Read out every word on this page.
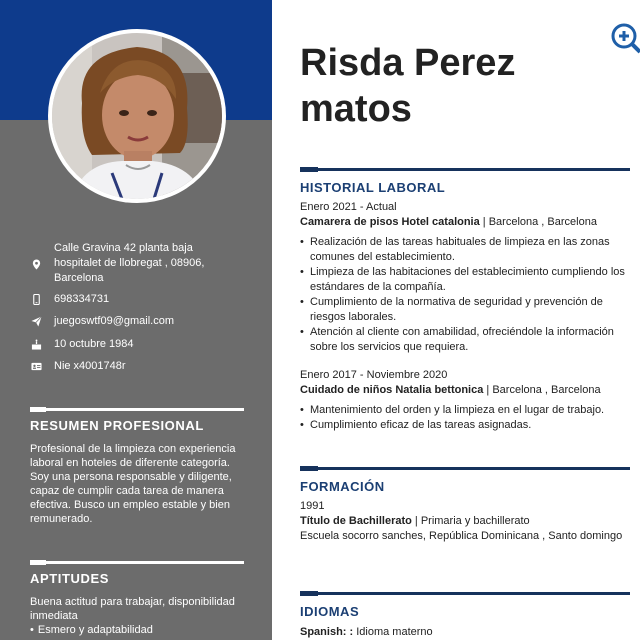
Calle Gravina 42 planta baja
hospitalet de llobregat , 08906,
Barcelona
698334731
juegoswtf09@gmail.com
10 octubre 1984
Nie x4001748r
RESUMEN PROFESIONAL
Profesional de la limpieza con experiencia laboral en hoteles de diferente categoría. Soy una persona responsable y diligente, capaz de cumplir cada tarea de manera efectiva. Busco un empleo estable y bien remunerado.
APTITUDES
Buena actitud para trabajar, disponibilidad inmediata
• Esmero y adaptabilidad
Risda Perez
matos
HISTORIAL LABORAL
Enero 2021 - Actual
Camarera de pisos Hotel catalonia | Barcelona , Barcelona
• Realización de las tareas habituales de limpieza en las zonas comunes del establecimiento.
• Limpieza de las habitaciones del establecimiento cumpliendo los estándares de la compañía.
• Cumplimiento de la normativa de seguridad y prevención de riesgos laborales.
• Atención al cliente con amabilidad, ofreciéndole la información sobre los servicios que requiera.
Enero 2017 - Noviembre 2020
Cuidado de niños Natalia bettonica | Barcelona , Barcelona
• Mantenimiento del orden y la limpieza en el lugar de trabajo.
• Cumplimiento eficaz de las tareas asignadas.
FORMACIÓN
1991
Título de Bachillerato | Primaria y bachillerato
Escuela socorro sanches, República Dominicana , Santo domingo
IDIOMAS
Spanish: : Idioma materno
